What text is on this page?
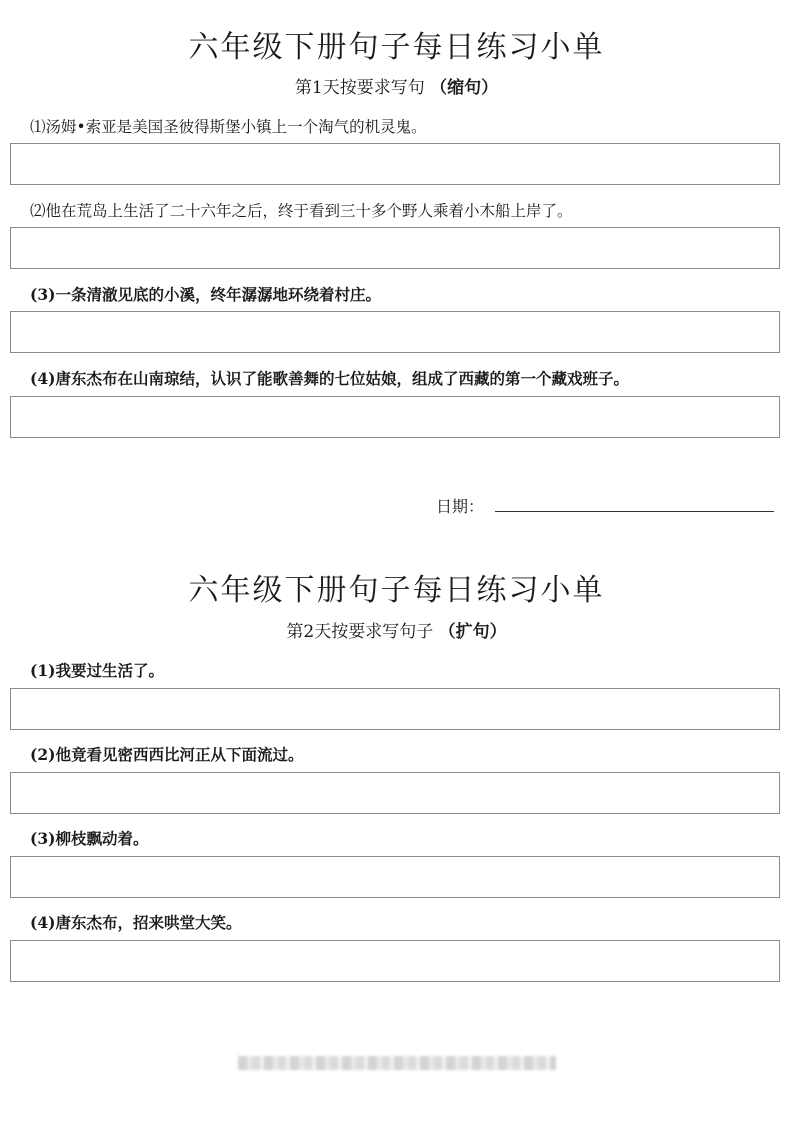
六年级下册句子每日练习小单
第1天按要求写句 （缩句）
⑴汤姆•索亚是美国圣彼得斯堡小镇上一个淘气的机灵鬼。
⑵他在荒岛上生活了二十六年之后，终于看到三十多个野人乘着小木船上岸了。
(3)一条清澈见底的小溪，终年潺潺地环绕着村庄。
(4)唐东杰布在山南琼结，认识了能歌善舞的七位姑娘，组成了西藏的第一个藏戏班子。
日期：
六年级下册句子每日练习小单
第2天按要求写句子 （扩句）
(1)我要过生活了。
(2)他竟看见密西西比河正从下面流过。
(3)柳枝飘动着。
(4)唐东杰布，招来哄堂大笑。
